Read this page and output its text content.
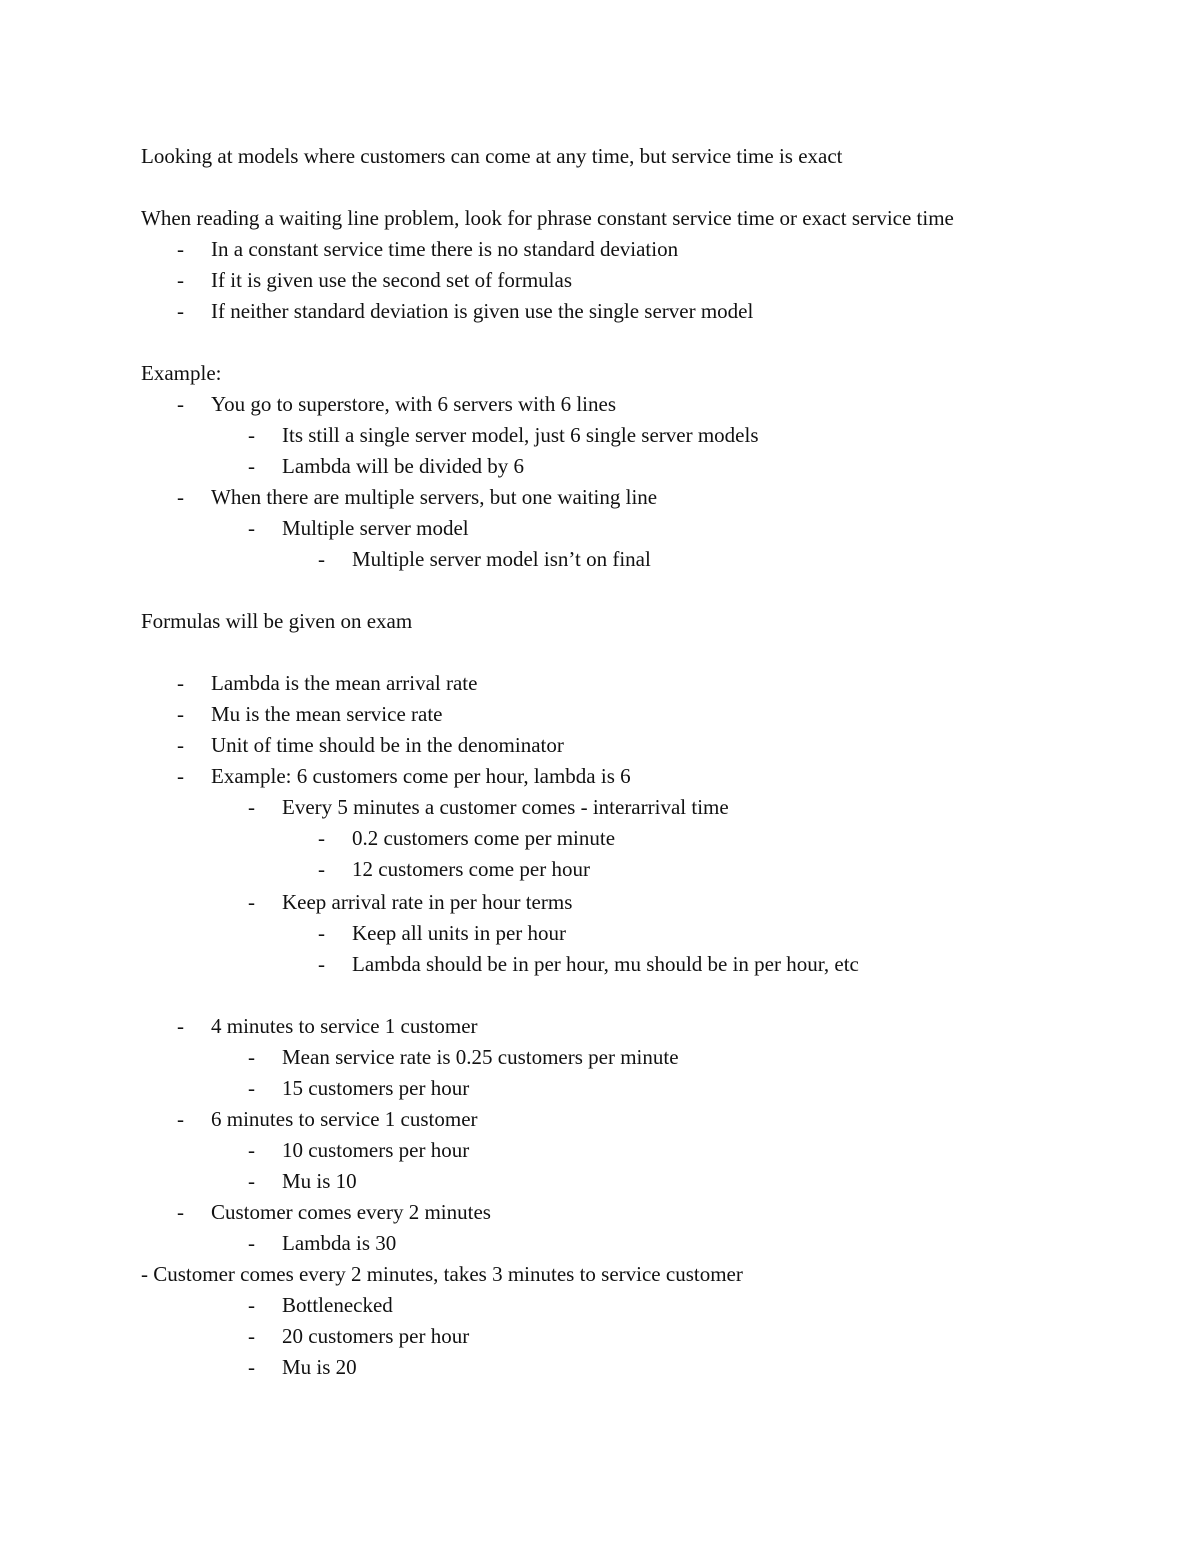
Looking at models where customers can come at any time, but service time is exact
When reading a waiting line problem, look for phrase constant service time or exact service time
- In a constant service time there is no standard deviation
- If it is given use the second set of formulas
- If neither standard deviation is given use the single server model
Example:
- You go to superstore, with 6 servers with 6 lines
- Its still a single server model, just 6 single server models
- Lambda will be divided by 6
- When there are multiple servers, but one waiting line
- Multiple server model
- Multiple server model isn’t on final
Formulas will be given on exam
- Lambda is the mean arrival rate
- Mu is the mean service rate
- Unit of time should be in the denominator
- Example: 6 customers come per hour, lambda is 6
- Every 5 minutes a customer comes - interarrival time
- 0.2 customers come per minute
- 12 customers come per hour
- Keep arrival rate in per hour terms
- Keep all units in per hour
- Lambda should be in per hour, mu should be in per hour, etc
- 4 minutes to service 1 customer
- Mean service rate is 0.25 customers per minute
- 15 customers per hour
- 6 minutes to service 1 customer
- 10 customers per hour
- Mu is 10
- Customer comes every 2 minutes
- Lambda is 30
- Customer comes every 2 minutes, takes 3 minutes to service customer
- Bottlenecked
- 20 customers per hour
- Mu is 20
